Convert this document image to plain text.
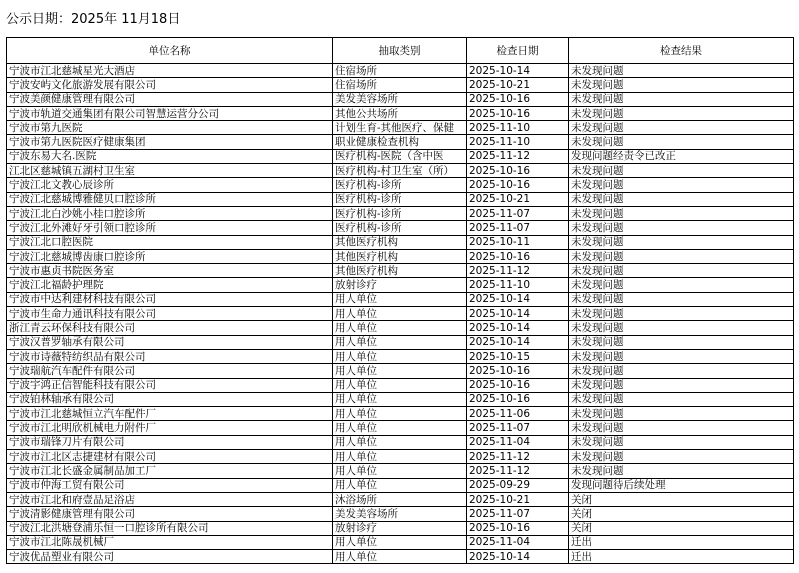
公示日期：2025年 11月18日
单位名称	抽取类别	检查日期	检查结果
宁波市江北慈城星光大酒店	住宿场所	2025-10-14	未发现问题
宁波安屿文化旅游发展有限公司	住宿场所	2025-10-21	未发现问题
宁波美颜健康管理有限公司	美发美容场所	2025-10-16	未发现问题
宁波市轨道交通集团有限公司智慧运营分公司	其他公共场所	2025-10-16	未发现问题
宁波市第九医院	计划生育-其他医疗、保健	2025-11-10	未发现问题
宁波市第九医院医疗健康集团	职业健康检查机构	2025-11-10	未发现问题
宁波东易大名.医院	医疗机构-医院（含中医	2025-11-12	发现问题经责令已改正
江北区慈城镇五湖村卫生室	医疗机构-村卫生室（所）	2025-10-16	未发现问题
宁波江北文教心辰诊所	医疗机构-诊所	2025-10-16	未发现问题
宁波江北慈城博雅健贝口腔诊所	医疗机构-诊所	2025-10-21	未发现问题
宁波江北白沙姚小桂口腔诊所	医疗机构-诊所	2025-11-07	未发现问题
宁波江北外滩好牙引领口腔诊所	医疗机构-诊所	2025-11-07	未发现问题
宁波江北口腔医院	其他医疗机构	2025-10-11	未发现问题
宁波江北慈城博齿康口腔诊所	其他医疗机构	2025-10-16	未发现问题
宁波市惠贞书院医务室	其他医疗机构	2025-11-12	未发现问题
宁波江北福龄护理院	放射诊疗	2025-11-10	未发现问题
宁波市中达利建材科技有限公司	用人单位	2025-10-14	未发现问题
宁波市生命力通讯科技有限公司	用人单位	2025-10-14	未发现问题
浙江青云环保科技有限公司	用人单位	2025-10-14	未发现问题
宁波汉普罗轴承有限公司	用人单位	2025-10-14	未发现问题
宁波市诗薇特纺织品有限公司	用人单位	2025-10-15	未发现问题
宁波瑞航汽车配件有限公司	用人单位	2025-10-16	未发现问题
宁波宇鸿正信智能科技有限公司	用人单位	2025-10-16	未发现问题
宁波铂林轴承有限公司	用人单位	2025-10-16	未发现问题
宁波市江北慈城恒立汽车配件厂	用人单位	2025-11-06	未发现问题
宁波市江北明欣机械电力附件厂	用人单位	2025-11-07	未发现问题
宁波市瑞锋刀片有限公司	用人单位	2025-11-04	未发现问题
宁波市江北区志捷建材有限公司	用人单位	2025-11-12	未发现问题
宁波市江北长盛金属制品加工厂	用人单位	2025-11-12	未发现问题
宁波市仲海工贸有限公司	用人单位	2025-09-29	发现问题待后续处理
宁波市江北和府壹品足浴店	沐浴场所	2025-10-21	关闭
宁波清影健康管理有限公司	美发美容场所	2025-11-07	关闭
宁波江北洪塘登浦乐恒一口腔诊所有限公司	放射诊疗	2025-10-16	关闭
宁波市江北陈晟机械厂	用人单位	2025-11-04	迁出
宁波优品塑业有限公司	用人单位	2025-10-14	迁出
